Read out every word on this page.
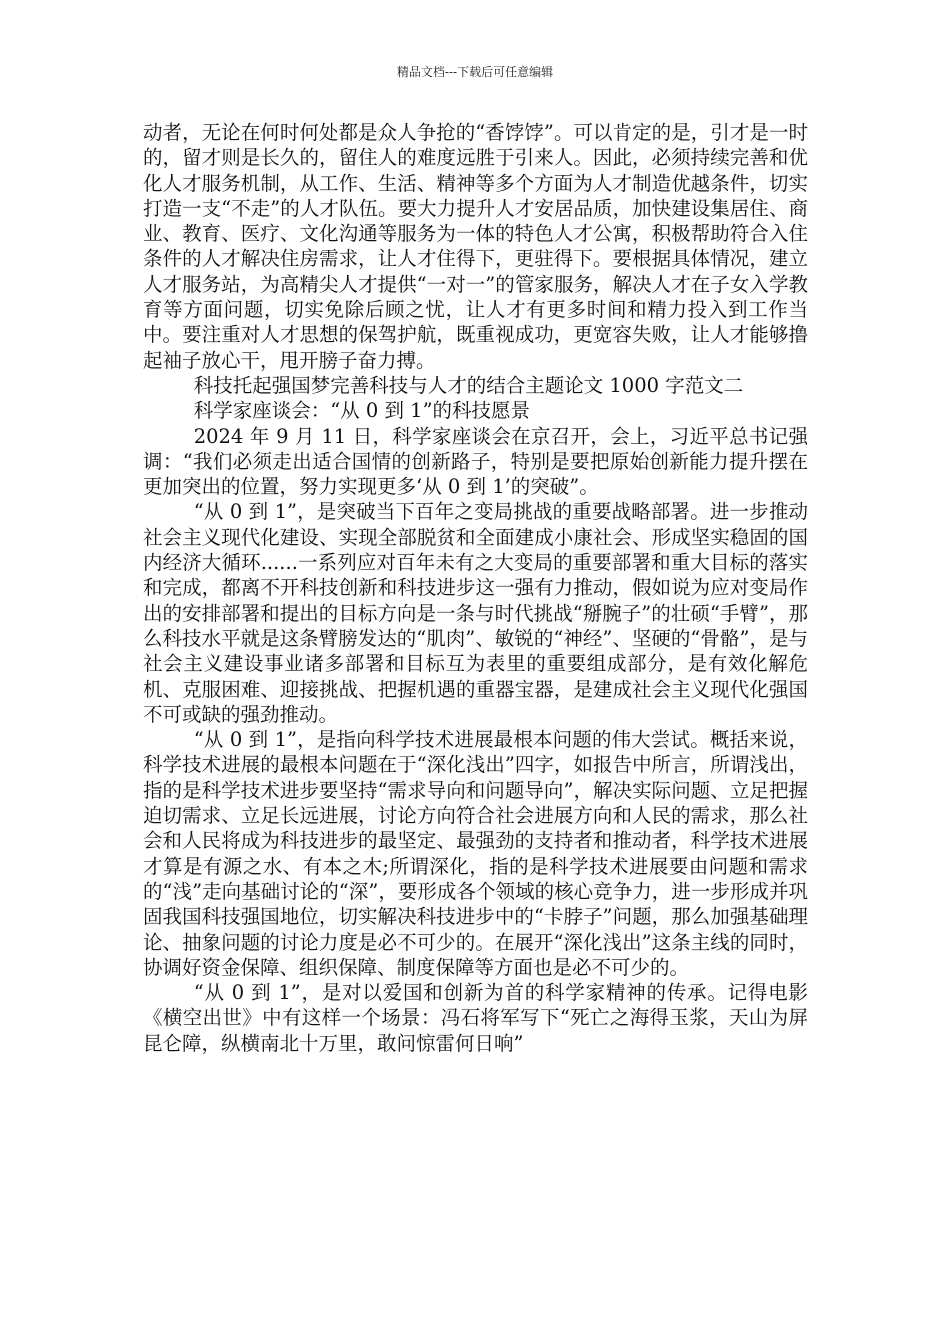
精品文档---下载后可任意编辑

动者，无论在何时何处都是众人争抢的“香饽饽”。可以肯定的是，引才是一时的，留才则是长久的，留住人的难度远胜于引来人。因此，必须持续完善和优化人才服务机制，从工作、生活、精神等多个方面为人才制造优越条件，切实打造一支“不走”的人才队伍。要大力提升人才安居品质，加快建设集居住、商业、教育、医疗、文化沟通等服务为一体的特色人才公寓，积极帮助符合入住条件的人才解决住房需求，让人才住得下，更驻得下。要根据具体情况，建立人才服务站，为高精尖人才提供“一对一”的管家服务，解决人才在子女入学教育等方面问题，切实免除后顾之忧，让人才有更多时间和精力投入到工作当中。要注重对人才思想的保驾护航，既重视成功，更宽容失败，让人才能够撸起袖子放心干，甩开膀子奋力搏。

科技托起强国梦完善科技与人才的结合主题论文 1000 字范文二

科学家座谈会：“从 0 到 1”的科技愿景

2024 年 9 月 11 日，科学家座谈会在京召开，会上，习近平总书记强调：“我们必须走出适合国情的创新路子，特别是要把原始创新能力提升摆在更加突出的位置，努力实现更多‘从 0 到 1’的突破”。

“从 0 到 1”，是突破当下百年之变局挑战的重要战略部署。进一步推动社会主义现代化建设、实现全部脱贫和全面建成小康社会、形成坚实稳固的国内经济大循环......一系列应对百年未有之大变局的重要部署和重大目标的落实和完成，都离不开科技创新和科技进步这一强有力推动，假如说为应对变局作出的安排部署和提出的目标方向是一条与时代挑战“掰腕子”的壮硕“手臂”，那么科技水平就是这条臂膀发达的“肌肉”、敏锐的“神经”、坚硬的“骨骼”，是与社会主义建设事业诸多部署和目标互为表里的重要组成部分，是有效化解危机、克服困难、迎接挑战、把握机遇的重器宝器，是建成社会主义现代化强国不可或缺的强劲推动。

“从 0 到 1”，是指向科学技术进展最根本问题的伟大尝试。概括来说，科学技术进展的最根本问题在于“深化浅出”四字，如报告中所言，所谓浅出，指的是科学技术进步要坚持“需求导向和问题导向”，解决实际问题、立足把握迫切需求、立足长远进展，讨论方向符合社会进展方向和人民的需求，那么社会和人民将成为科技进步的最坚定、最强劲的支持者和推动者，科学技术进展才算是有源之水、有本之木;所谓深化，指的是科学技术进展要由问题和需求的“浅”走向基础讨论的“深”，要形成各个领域的核心竞争力，进一步形成并巩固我国科技强国地位，切实解决科技进步中的“卡脖子”问题，那么加强基础理论、抽象问题的讨论力度是必不可少的。在展开“深化浅出”这条主线的同时，协调好资金保障、组织保障、制度保障等方面也是必不可少的。

“从 0 到 1”，是对以爱国和创新为首的科学家精神的传承。记得电影《横空出世》中有这样一个场景：冯石将军写下“死亡之海得玉浆，天山为屏昆仑障，纵横南北十万里，敢问惊雷何日响”
